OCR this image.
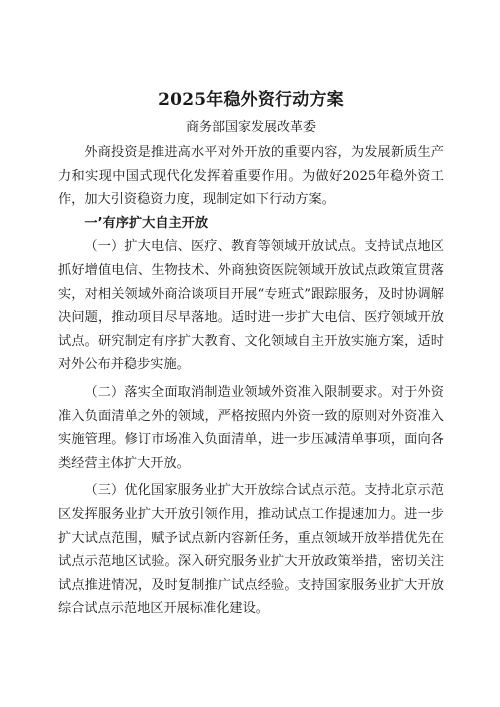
2025年稳外资行动方案
商务部国家发展改革委

外商投资是推进高水平对外开放的重要内容，为发展新质生产力和实现中国式现代化发挥着重要作用。为做好2025年稳外资工作，加大引资稳资力度，现制定如下行动方案。

一’有序扩大自主开放

（一）扩大电信、医疗、教育等领域开放试点。支持试点地区抓好增值电信、生物技术、外商独资医院领域开放试点政策宣贯落实，对相关领域外商洽谈项目开展“专班式”跟踪服务，及时协调解决问题，推动项目尽早落地。适时进一步扩大电信、医疗领域开放试点。研究制定有序扩大教育、文化领域自主开放实施方案，适时对外公布并稳步实施。

（二）落实全面取消制造业领域外资准入限制要求。对于外资准入负面清单之外的领域，严格按照内外资一致的原则对外资准入实施管理。修订市场准入负面清单，进一步压减清单事项，面向各类经营主体扩大开放。

（三）优化国家服务业扩大开放综合试点示范。支持北京示范区发挥服务业扩大开放引领作用，推动试点工作提速加力。进一步扩大试点范围，赋予试点新内容新任务，重点领域开放举措优先在试点示范地区试验。深入研究服务业扩大开放政策举措，密切关注试点推进情况，及时复制推广试点经验。支持国家服务业扩大开放综合试点示范地区开展标准化建设。
